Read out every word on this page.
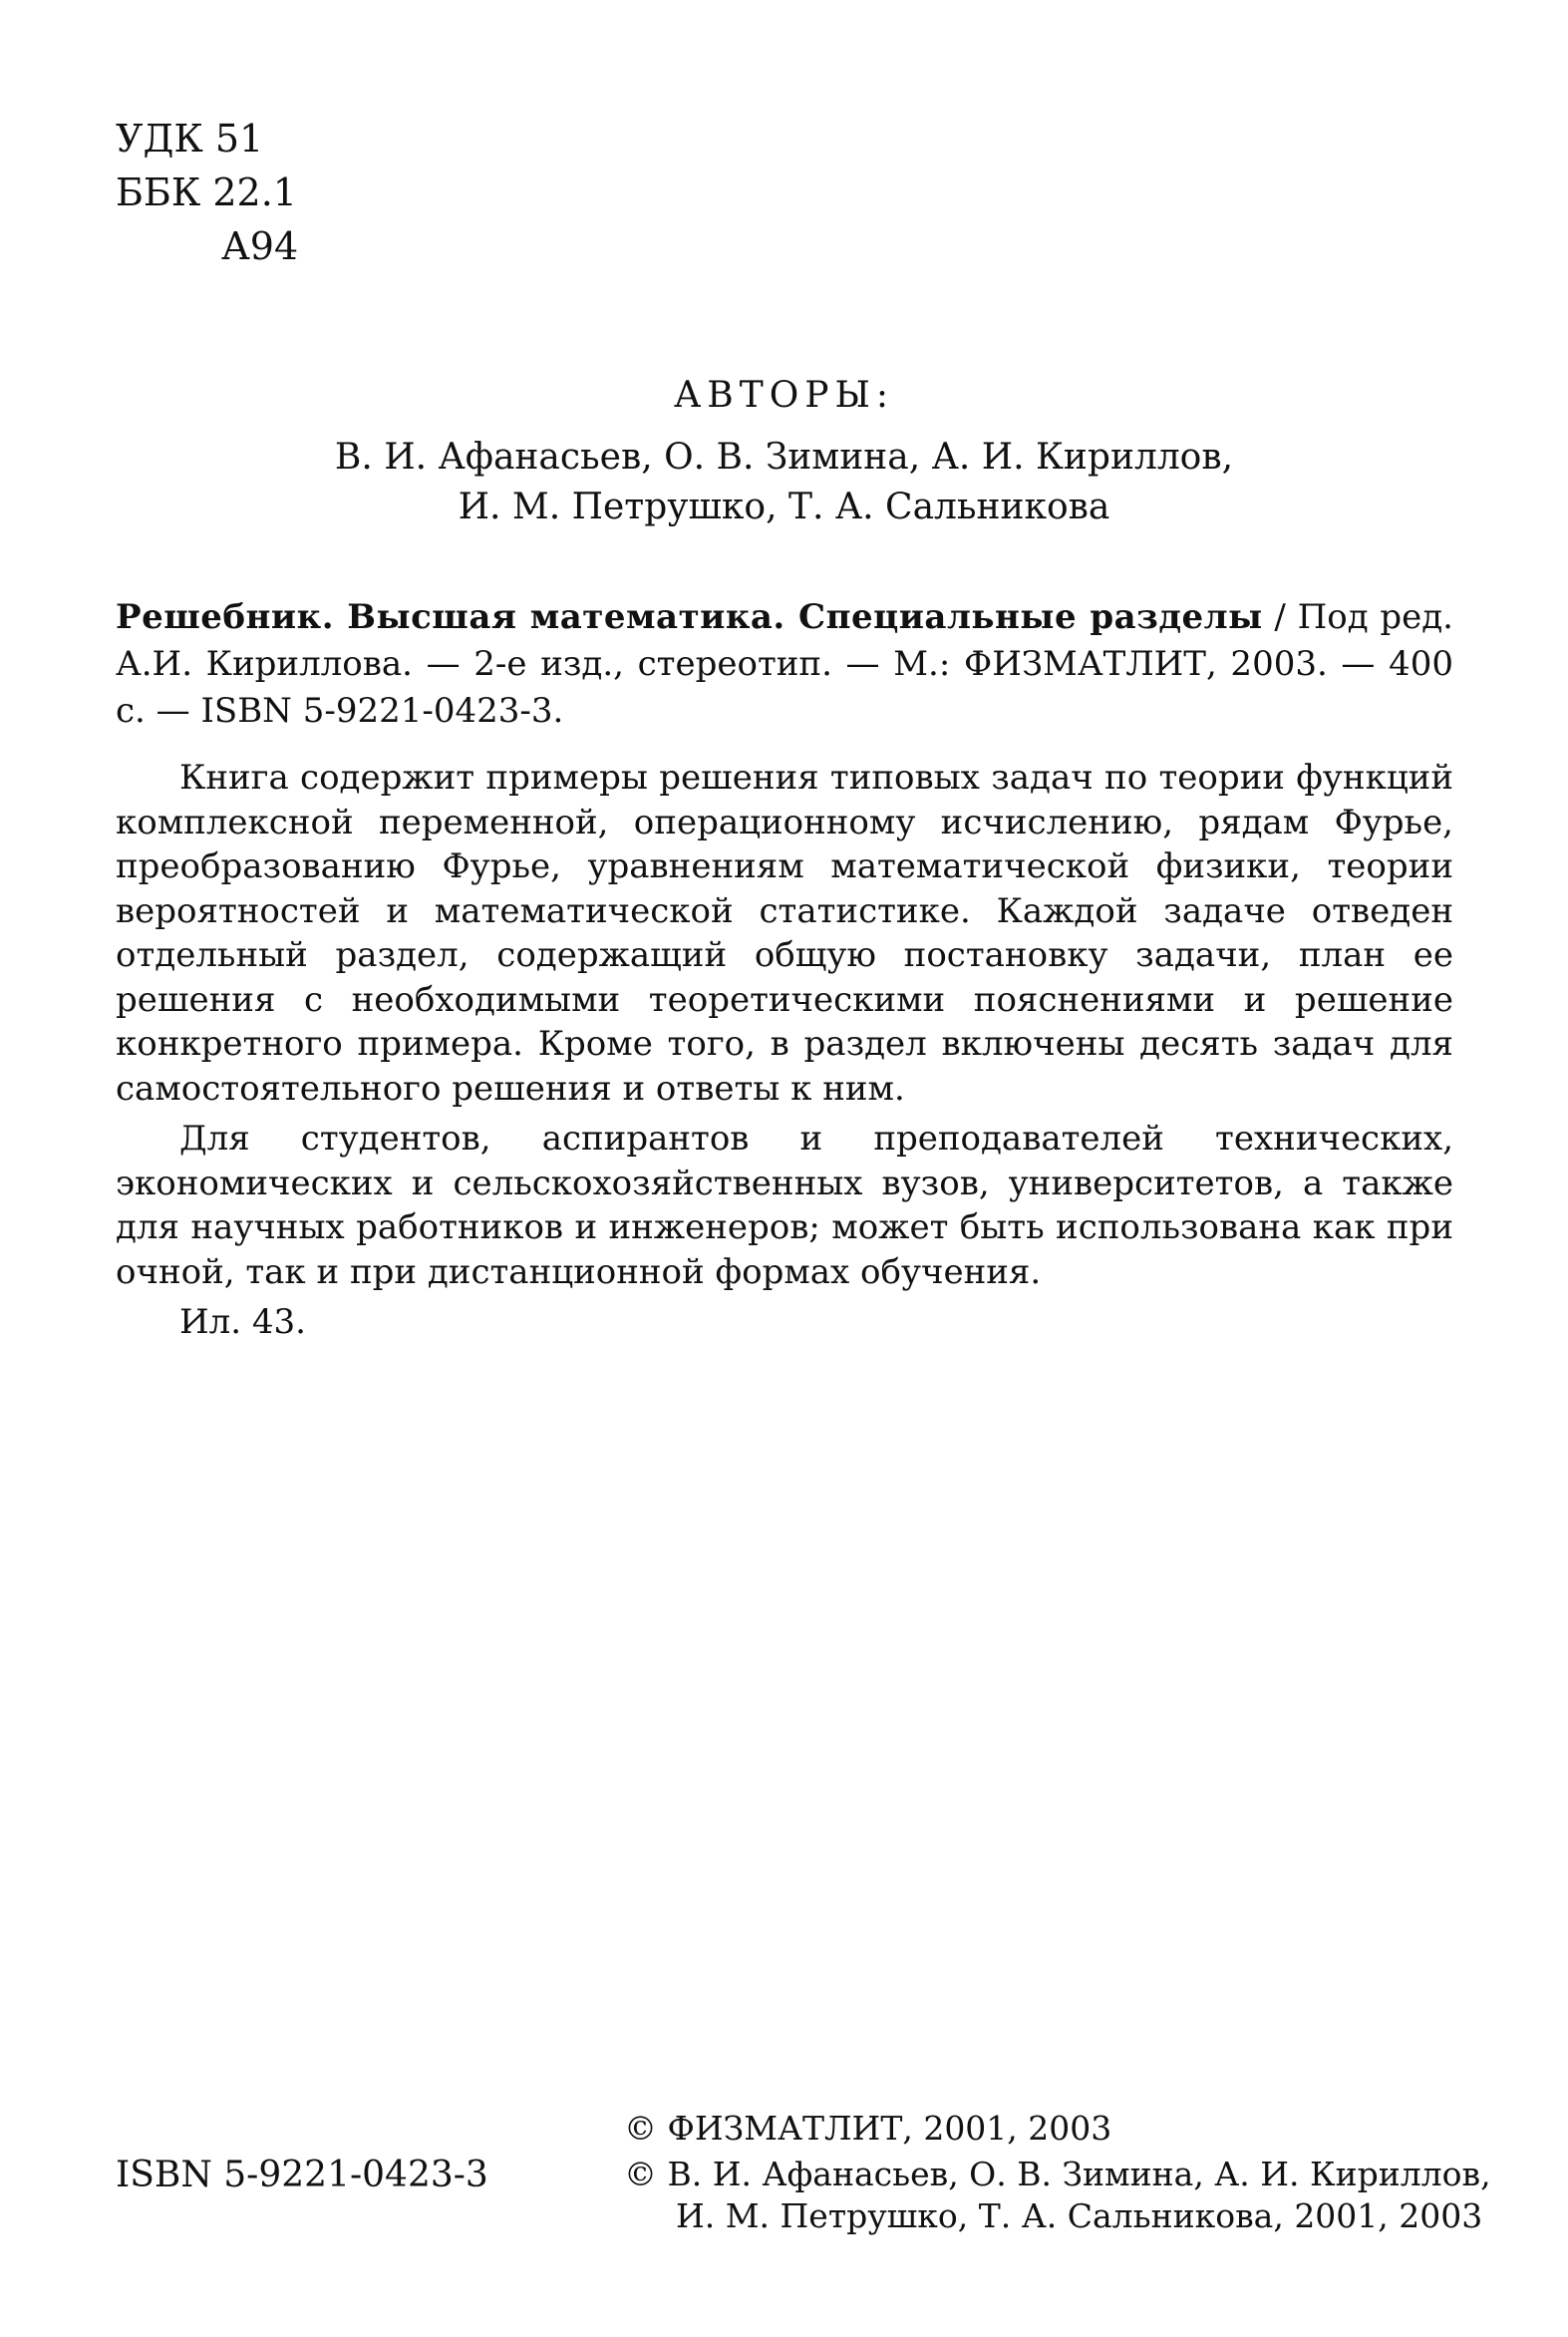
УДК 51
ББК 22.1
А94
АВТОРЫ:
В. И. Афанасьев, О. В. Зимина, А. И. Кириллов,
И. М. Петрушко, Т. А. Сальникова
Решебник. Высшая математика. Специальные разделы / Под ред. А.И. Кириллова. — 2-е изд., стереотип. — М.: ФИЗМАТЛИТ, 2003. — 400 с. — ISBN 5-9221-0423-3.

Книга содержит примеры решения типовых задач по теории функций комплексной переменной, операционному исчислению, рядам Фурье, преобразованию Фурье, уравнениям математической физики, теории вероятностей и математической статистике. Каждой задаче отведен отдельный раздел, содержащий общую постановку задачи, план ее решения с необходимыми теоретическими пояснениями и решение конкретного примера. Кроме того, в раздел включены десять задач для самостоятельного решения и ответы к ним.

Для студентов, аспирантов и преподавателей технических, экономических и сельскохозяйственных вузов, университетов, а также для научных работников и инженеров; может быть использована как при очной, так и при дистанционной формах обучения.

Ил. 43.

ISBN 5-9221-0423-3
© ФИЗМАТЛИТ, 2001, 2003
© В. И. Афанасьев, О. В. Зимина, А. И. Кириллов,
И. М. Петрушко, Т. А. Сальникова, 2001, 2003
